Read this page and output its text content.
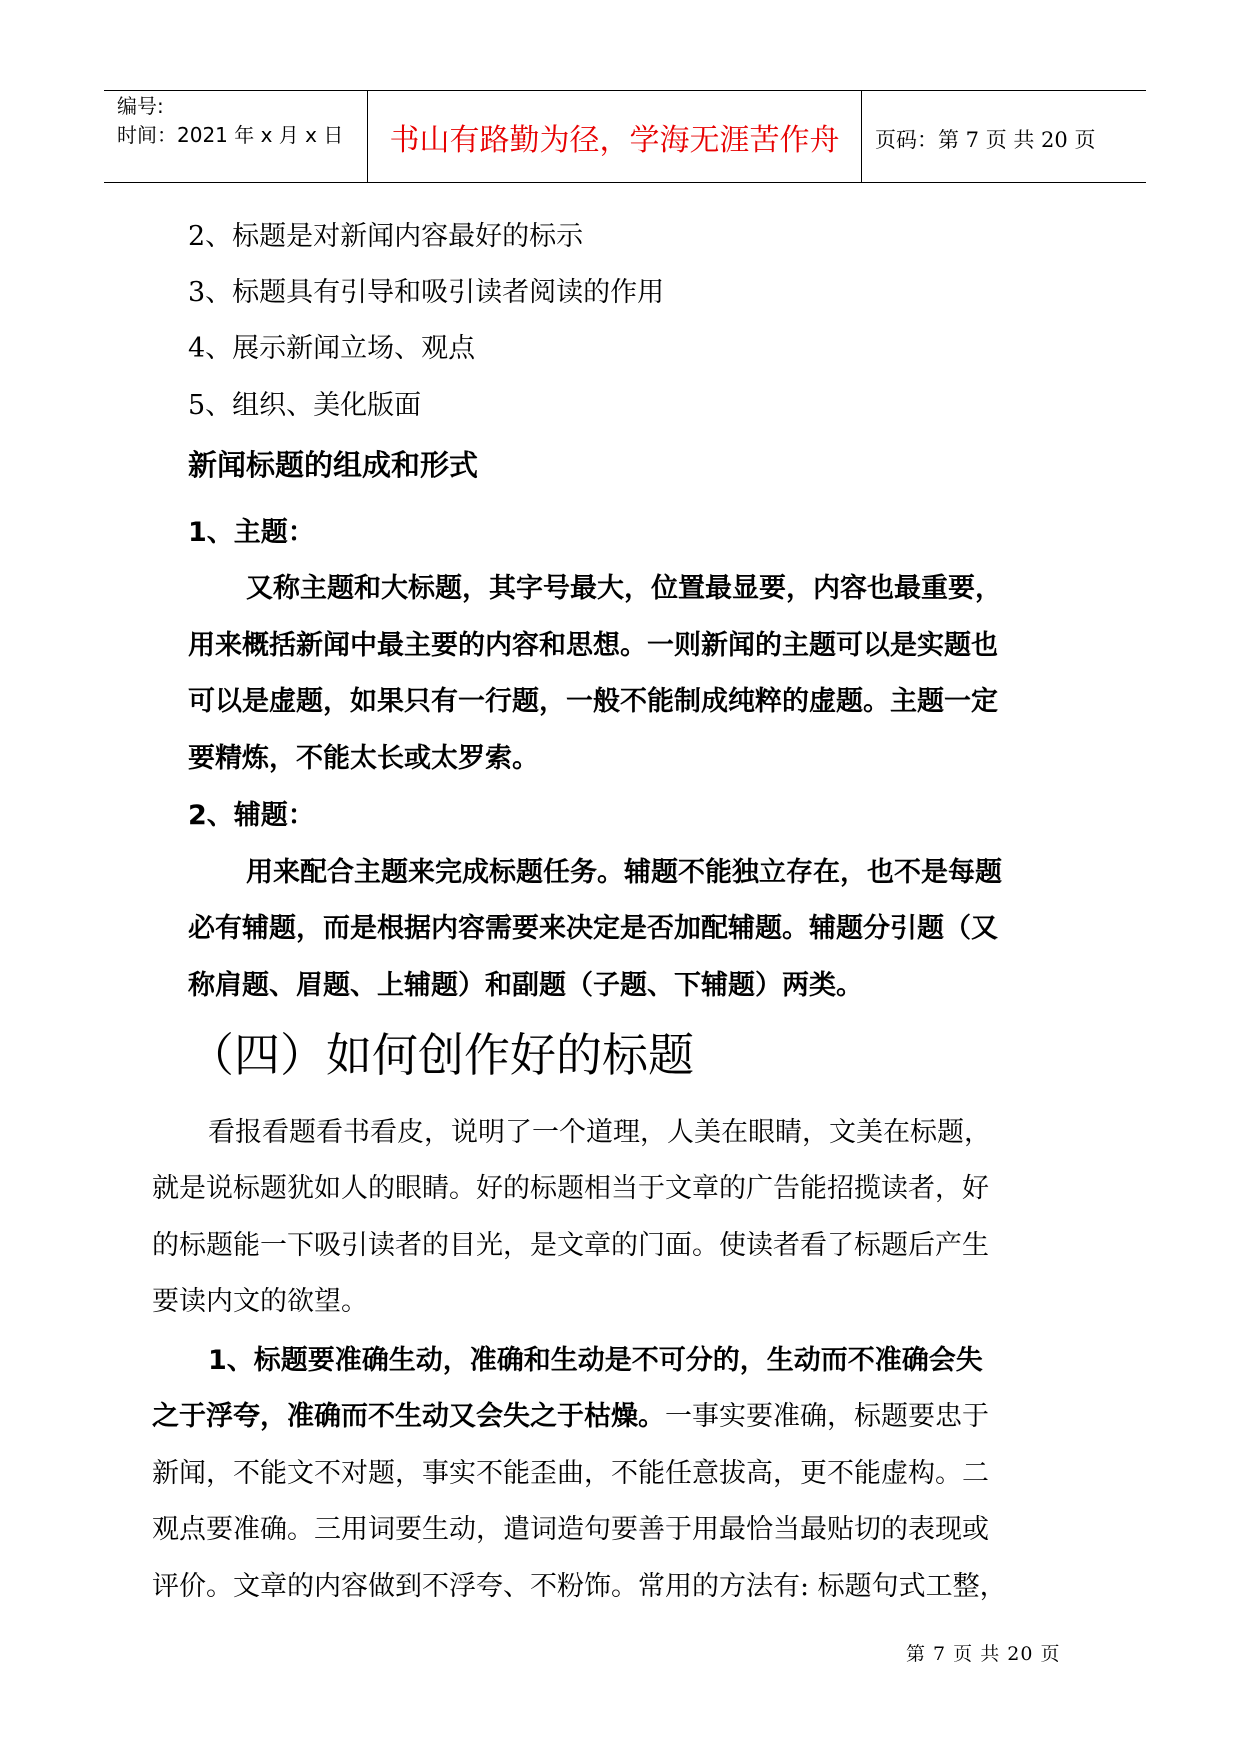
编号:
时间：2021 年 x 月 x 日	书山有路勤为径，学海无涯苦作舟	页码：第 7 页 共 20 页
2、标题是对新闻内容最好的标示
3、标题具有引导和吸引读者阅读的作用
4、展示新闻立场、观点
5、组织、美化版面
新闻标题的组成和形式
1、主题：
又称主题和大标题，其字号最大，位置最显要，内容也最重要，
用来概括新闻中最主要的内容和思想。一则新闻的主题可以是实题也
可以是虚题，如果只有一行题，一般不能制成纯粹的虚题。主题一定
要精炼，不能太长或太罗索。
2、辅题：
用来配合主题来完成标题任务。辅题不能独立存在，也不是每题
必有辅题，而是根据内容需要来决定是否加配辅题。辅题分引题（又
称肩题、眉题、上辅题）和副题（子题、下辅题）两类。
（四）如何创作好的标题
看报看题看书看皮，说明了一个道理，人美在眼睛，文美在标题，
就是说标题犹如人的眼睛。好的标题相当于文章的广告能招揽读者，好
的标题能一下吸引读者的目光，是文章的门面。使读者看了标题后产生
要读内文的欲望。
1、标题要准确生动，准确和生动是不可分的，生动而不准确会失
之于浮夸，准确而不生动又会失之于枯燥。一事实要准确，标题要忠于
新闻，不能文不对题，事实不能歪曲，不能任意拔高，更不能虚构。二
观点要准确。三用词要生动，遣词造句要善于用最恰当最贴切的表现或
评价。文章的内容做到不浮夸、不粉饰。常用的方法有: 标题句式工整，
第 7 页 共 20 页
